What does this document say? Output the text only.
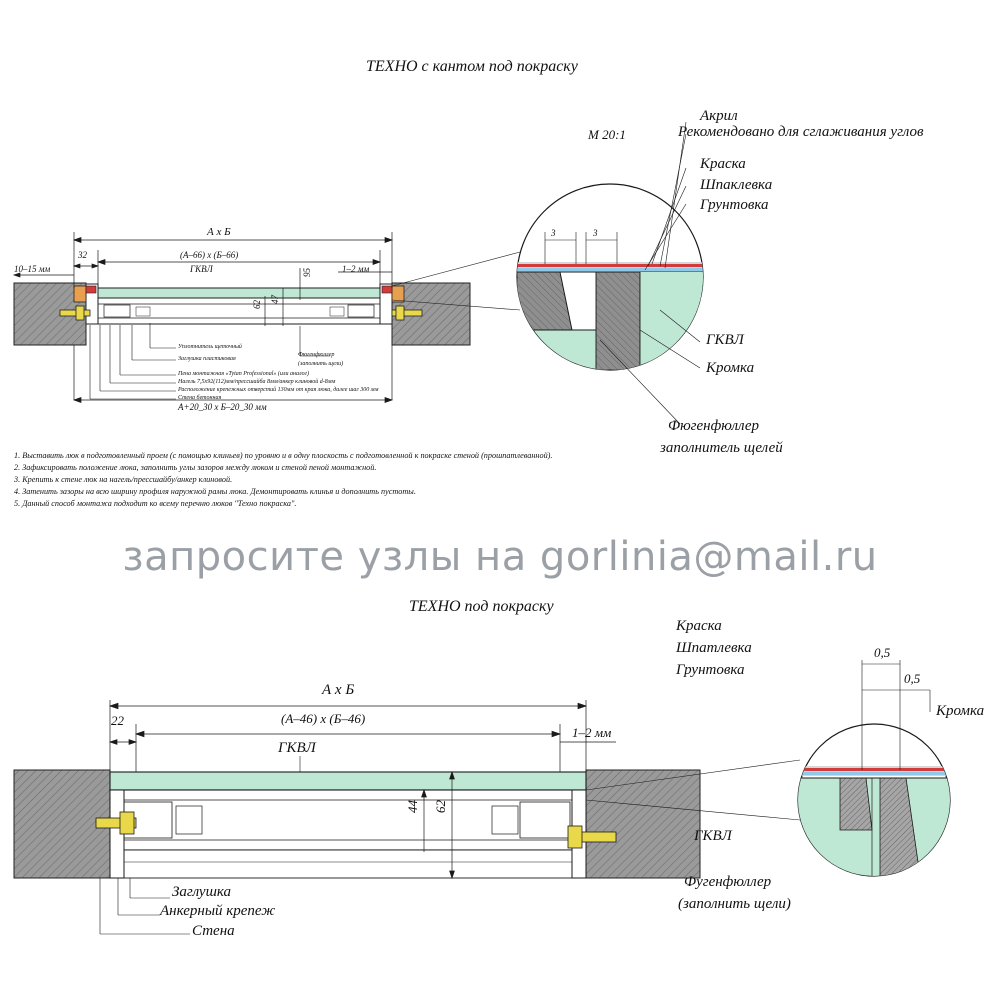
ТЕХНО с кантом под покраску
М 20:1
А х Б
(А–66) х (Б–66)
32
10–15 мм	1–2 мм
95
47
62
А+20_30 х Б–20_30 мм
ГКВЛ
3	3
Уплотнитель щеточный
Заглушка пластиковая
Пена монтажная «Tytan Professional» (или аналог)
Нагель 7,5х92(112)мм/прессшайба 8мм/анкер клиновой d-8мм
Расположение крепежных отверстий 130мм от края люка, далее шаг 300 мм
Стена бетонная
Фюгенфюллер
(заполнить щели)
Акрил
Рекомендовано для сглаживания углов
Краска
Шпаклевка
Грунтовка
ГКВЛ
Кромка
Фюгенфюллер
заполнитель щелей
1. Выставить люк в подготовленный проем (с помощью клиньев) по уровню и в одну плоскость с подготовленной к покраске стеной (прошпатлеванной).
2. Зафиксировать положение люка, заполнить углы зазоров между люком и стеной пеной монтажной.
3. Крепить к стене люк на нагель/прессшайбу/анкер клиновой.
4. Затенить зазоры на всю ширину профиля наружной рамы люка. Демонтировать клинья и дополнить пустоты.
5. Данный способ монтажа подходит ко всему перечню люков "Техно покраска".
запросите узлы на gorlinia@mail.ru
ТЕХНО под покраску
А х Б
(А–46) х (Б–46)
22
1–2 мм
44 62
0,5
0,5
ГКВЛ
Заглушка
Анкерный крепеж
Стена
Краска
Шпатлевка
Грунтовка
Кромка
ГКВЛ
Фугенфюллер
(заполнить щели)
